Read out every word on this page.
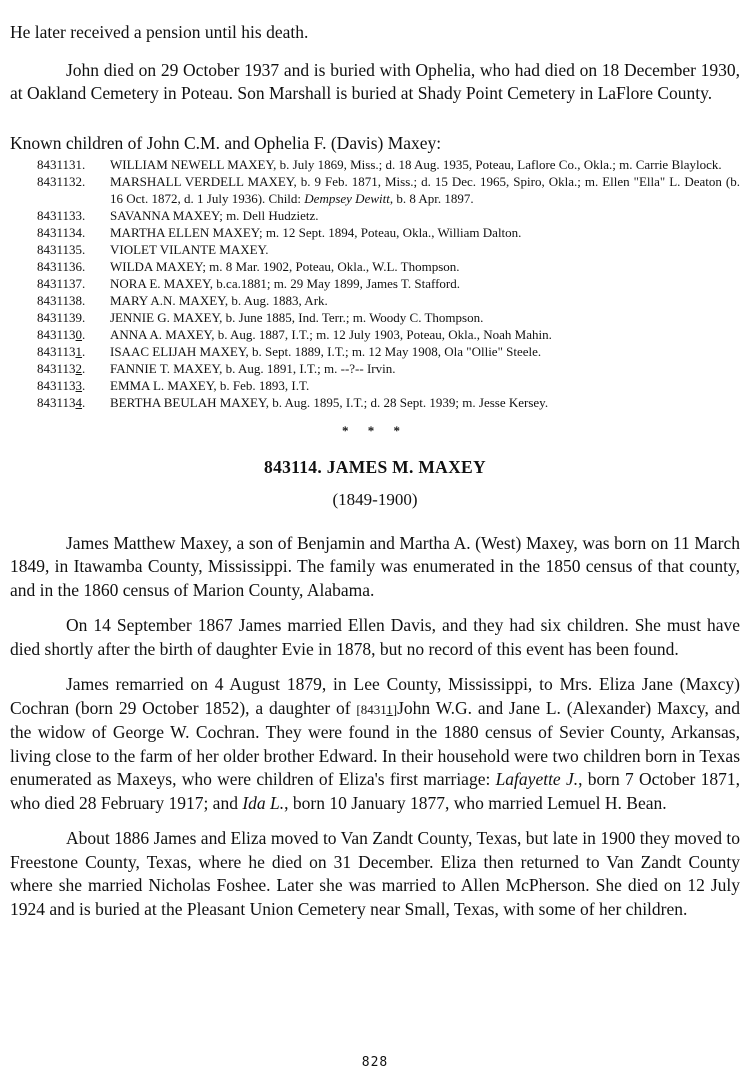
He later received a pension until his death.

John died on 29 October 1937 and is buried with Ophelia, who had died on 18 December 1930, at Oakland Cemetery in Poteau. Son Marshall is buried at Shady Point Cemetery in LaFlore County.

Known children of John C.M. and Ophelia F. (Davis) Maxey:

8431131.	WILLIAM NEWELL MAXEY, b. July 1869, Miss.; d. 18 Aug. 1935, Poteau, Laflore Co., Okla.; m. Carrie Blaylock.
8431132.	MARSHALL VERDELL MAXEY, b. 9 Feb. 1871, Miss.; d. 15 Dec. 1965, Spiro, Okla.; m. Ellen "Ella" L. Deaton (b. 16 Oct. 1872, d. 1 July 1936). Child: Dempsey Dewitt, b. 8 Apr. 1897.
8431133.	SAVANNA MAXEY; m. Dell Hudzietz.
8431134.	MARTHA ELLEN MAXEY; m. 12 Sept. 1894, Poteau, Okla., William Dalton.
8431135.	VIOLET VILANTE MAXEY.
8431136.	WILDA MAXEY; m. 8 Mar. 1902, Poteau, Okla., W.L. Thompson.
8431137.	NORA E. MAXEY, b.ca.1881; m. 29 May 1899, James T. Stafford.
8431138.	MARY A.N. MAXEY, b. Aug. 1883, Ark.
8431139.	JENNIE G. MAXEY, b. June 1885, Ind. Terr.; m. Woody C. Thompson.
8431130.	ANNA A. MAXEY, b. Aug. 1887, I.T.; m. 12 July 1903, Poteau, Okla., Noah Mahin.
8431131.	ISAAC ELIJAH MAXEY, b. Sept. 1889, I.T.; m. 12 May 1908, Ola "Ollie" Steele.
8431132.	FANNIE T. MAXEY, b. Aug. 1891, I.T.; m. --?-- Irvin.
8431133.	EMMA L. MAXEY, b. Feb. 1893, I.T.
8431134.	BERTHA BEULAH MAXEY, b. Aug. 1895, I.T.; d. 28 Sept. 1939; m. Jesse Kersey.
* * *
843114. JAMES M. MAXEY
(1849-1900)

James Matthew Maxey, a son of Benjamin and Martha A. (West) Maxey, was born on 11 March 1849, in Itawamba County, Mississippi. The family was enumerated in the 1850 census of that county, and in the 1860 census of Marion County, Alabama.

On 14 September 1867 James married Ellen Davis, and they had six children. She must have died shortly after the birth of daughter Evie in 1878, but no record of this event has been found.

James remarried on 4 August 1879, in Lee County, Mississippi, to Mrs. Eliza Jane (Maxcy) Cochran (born 29 October 1852), a daughter of [84311]John W.G. and Jane L. (Alexander) Maxcy, and the widow of George W. Cochran. They were found in the 1880 census of Sevier County, Arkansas, living close to the farm of her older brother Edward. In their household were two children born in Texas enumerated as Maxeys, who were children of Eliza's first marriage: Lafayette J., born 7 October 1871, who died 28 February 1917; and Ida L., born 10 January 1877, who married Lemuel H. Bean.

About 1886 James and Eliza moved to Van Zandt County, Texas, but late in 1900 they moved to Freestone County, Texas, where he died on 31 December. Eliza then returned to Van Zandt County where she married Nicholas Foshee. Later she was married to Allen McPherson. She died on 12 July 1924 and is buried at the Pleasant Union Cemetery near Small, Texas, with some of her children.

828
